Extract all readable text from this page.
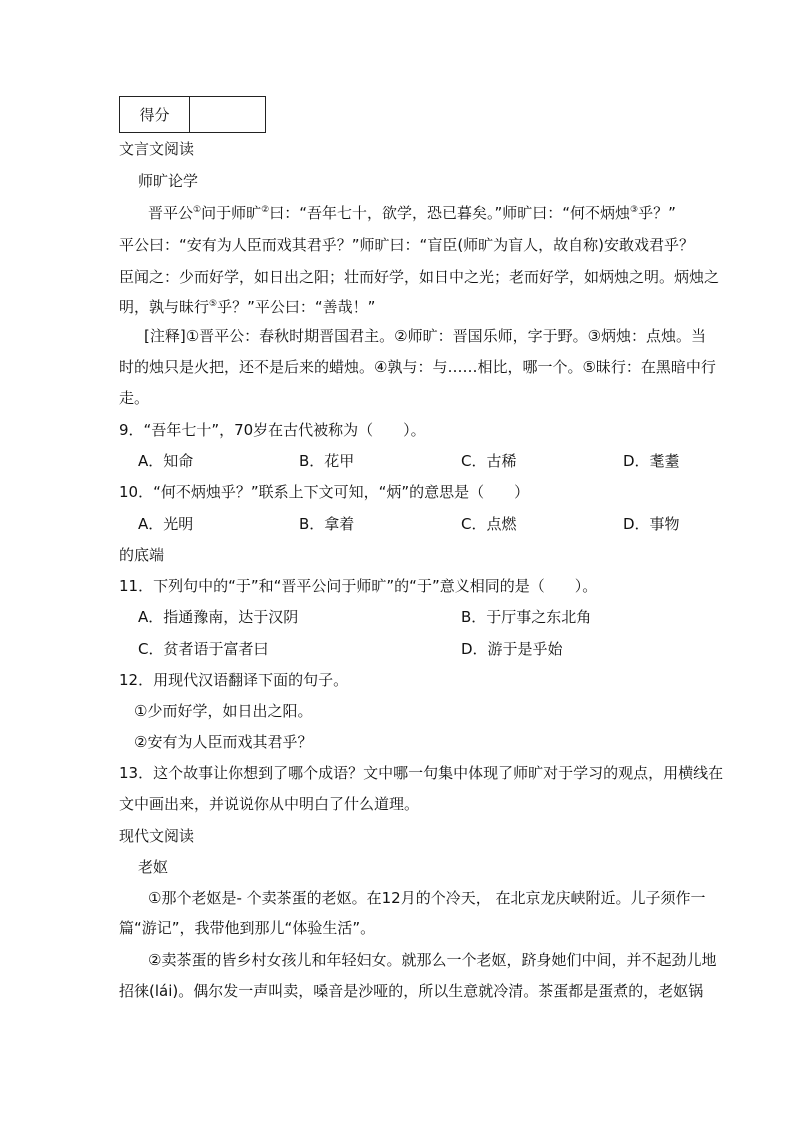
得分
文言文阅读
师旷论学
晋平公①问于师旷②曰：“吾年七十，欲学，恐已暮矣。”师旷曰：“何不炳烛③乎？”
平公曰：“安有为人臣而戏其君乎？”师旷曰：“盲臣(师旷为盲人，故自称)安敢戏君乎？
臣闻之：少而好学，如日出之阳；壮而好学，如日中之光；老而好学，如炳烛之明。炳烛之
明，孰与昧行⑤乎？”平公曰：“善哉！”
[注释]①晋平公：春秋时期晋国君主。②师旷：晋国乐师，字于野。③炳烛：点烛。当
时的烛只是火把，还不是后来的蜡烛。④孰与：与……相比，哪一个。⑤昧行：在黑暗中行
走。
9．“吾年七十”，70岁在古代被称为（　　）。
A．知命	B．花甲	C．古稀	D．耄耋
10．“何不炳烛乎？”联系上下文可知，“炳”的意思是（　　）
A．光明	B．拿着	C．点燃	D．事物
的底端
11．下列句中的“于”和“晋平公问于师旷”的“于”意义相同的是（　　）。
A．指通豫南，达于汉阴	B．于厅事之东北角
C．贫者语于富者曰	D．游于是乎始
12．用现代汉语翻译下面的句子。
①少而好学，如日出之阳。
②安有为人臣而戏其君乎？
13．这个故事让你想到了哪个成语？文中哪一句集中体现了师旷对于学习的观点，用横线在
文中画出来，并说说你从中明白了什么道理。
现代文阅读
老妪
①那个老妪是- 个卖茶蛋的老妪。在12月的个冷天， 在北京龙庆峡附近。儿子须作一
篇“游记”，我带他到那儿“体验生活”。
②卖茶蛋的皆乡村女孩儿和年轻妇女。就那么一个老妪，跻身她们中间，并不起劲儿地
招徕(lái)。偶尔发一声叫卖，嗓音是沙哑的，所以生意就冷清。茶蛋都是蛋煮的，老妪锅
